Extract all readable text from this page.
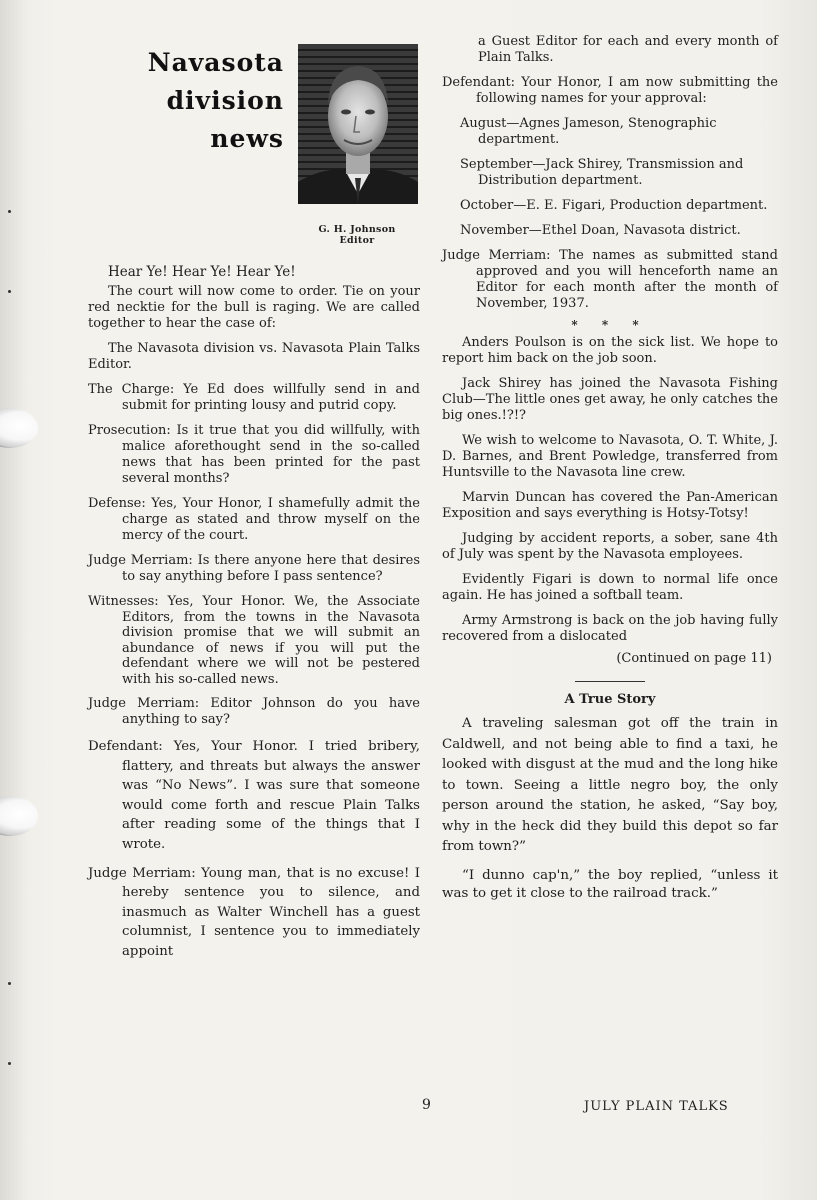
Navasota
division
news
G. H. Johnson
Editor

Hear Ye! Hear Ye! Hear Ye!

The court will now come to order. Tie on your red necktie for the bull is raging. We are called together to hear the case of:

The Navasota division vs. Navasota Plain Talks Editor.

The Charge: Ye Ed does willfully send in and submit for printing lousy and putrid copy.

Prosecution: Is it true that you did willfully, with malice aforethought send in the so-called news that has been printed for the past several months?

Defense: Yes, Your Honor, I shamefully admit the charge as stated and throw myself on the mercy of the court.

Judge Merriam: Is there anyone here that desires to say anything before I pass sentence?

Witnesses: Yes, Your Honor. We, the Associate Editors, from the towns in the Navasota division promise that we will submit an abundance of news if you will put the defendant where we will not be pestered with his so-called news.

Judge Merriam: Editor Johnson do you have anything to say?

Defendant: Yes, Your Honor. I tried bribery, flattery, and threats but always the answer was “No News”. I was sure that someone would come forth and rescue Plain Talks after reading some of the things that I wrote.

Judge Merriam: Young man, that is no excuse! I hereby sentence you to silence, and inasmuch as Walter Winchell has a guest columnist, I sentence you to immediately appoint

a Guest Editor for each and every month of Plain Talks.

Defendant: Your Honor, I am now submitting the following names for your approval:

August—Agnes Jameson, Stenographic department.

September—Jack Shirey, Transmission and Distribution department.

October—E. E. Figari, Production department.

November—Ethel Doan, Navasota district.

Judge Merriam: The names as submitted stand approved and you will henceforth name an Editor for each month after the month of November, 1937.

* * *

Anders Poulson is on the sick list. We hope to report him back on the job soon.

Jack Shirey has joined the Navasota Fishing Club—The little ones get away, he only catches the big ones.!?!?

We wish to welcome to Navasota, O. T. White, J. D. Barnes, and Brent Powledge, transferred from Huntsville to the Navasota line crew.

Marvin Duncan has covered the Pan-American Exposition and says everything is Hotsy-Totsy!

Judging by accident reports, a sober, sane 4th of July was spent by the Navasota employees.

Evidently Figari is down to normal life once again. He has joined a softball team.

Army Armstrong is back on the job having fully recovered from a dislocated

(Continued on page 11)

A True Story

A traveling salesman got off the train in Caldwell, and not being able to find a taxi, he looked with disgust at the mud and the long hike to town. Seeing a little negro boy, the only person around the station, he asked, “Say boy, why in the heck did they build this depot so far from town?”

“I dunno cap'n,” the boy replied, “unless it was to get it close to the railroad track.”

9	JULY PLAIN TALKS
